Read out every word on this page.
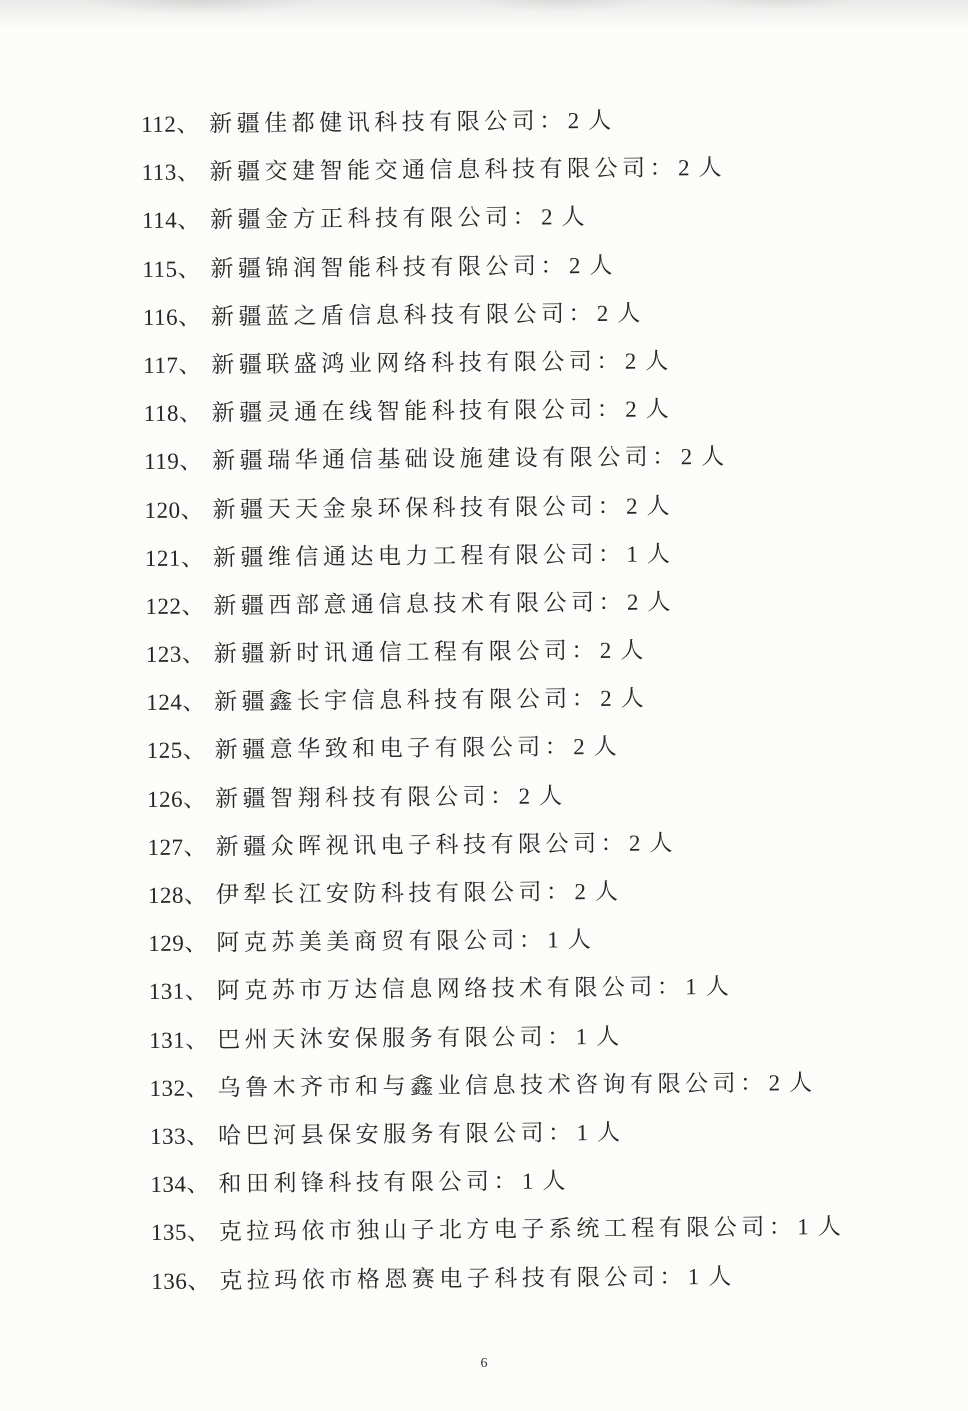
112、 新疆佳都健讯科技有限公司：2 人
113、 新疆交建智能交通信息科技有限公司：2 人
114、 新疆金方正科技有限公司：2 人
115、 新疆锦润智能科技有限公司：2 人
116、 新疆蓝之盾信息科技有限公司：2 人
117、 新疆联盛鸿业网络科技有限公司：2 人
118、 新疆灵通在线智能科技有限公司：2 人
119、 新疆瑞华通信基础设施建设有限公司：2 人
120、 新疆天天金泉环保科技有限公司：2 人
121、 新疆维信通达电力工程有限公司：1 人
122、 新疆西部意通信息技术有限公司：2 人
123、 新疆新时讯通信工程有限公司：2 人
124、 新疆鑫长宇信息科技有限公司：2 人
125、 新疆意华致和电子有限公司：2 人
126、 新疆智翔科技有限公司：2 人
127、 新疆众晖视讯电子科技有限公司：2 人
128、 伊犁长江安防科技有限公司：2 人
129、 阿克苏美美商贸有限公司：1 人
131、 阿克苏市万达信息网络技术有限公司：1 人
131、 巴州天沐安保服务有限公司：1 人
132、 乌鲁木齐市和与鑫业信息技术咨询有限公司：2 人
133、 哈巴河县保安服务有限公司：1 人
134、 和田利锋科技有限公司：1 人
135、 克拉玛依市独山子北方电子系统工程有限公司：1 人
136、 克拉玛依市格恩赛电子科技有限公司：1 人
6
